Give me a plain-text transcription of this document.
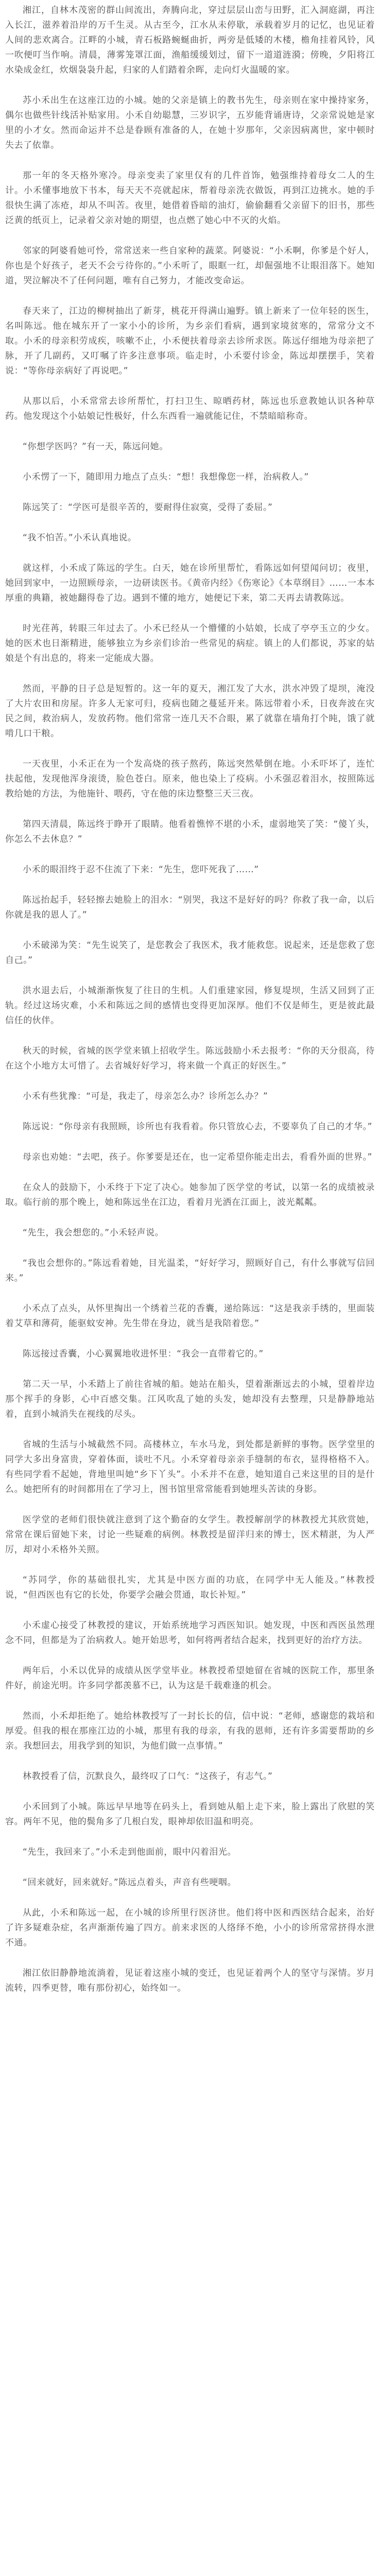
湘江，自林木茂密的群山间流出，奔腾向北，穿过层层山峦与田野，汇入洞庭湖，再注入长江，滋养着沿岸的万千生灵。从古至今，江水从未停歇，承载着岁月的记忆，也见证着人间的悲欢离合。江畔的小城，青石板路蜿蜒曲折，两旁是低矮的木楼，檐角挂着风铃，风一吹便叮当作响。清晨，薄雾笼罩江面，渔船缓缓划过，留下一道道涟漪；傍晚，夕阳将江水染成金红，炊烟袅袅升起，归家的人们踏着余晖，走向灯火温暖的家。

苏小禾出生在这座江边的小城。她的父亲是镇上的教书先生，母亲则在家中操持家务，偶尔也做些针线活补贴家用。小禾自幼聪慧，三岁识字，五岁能背诵唐诗，父亲常说她是家里的小才女。然而命运并不总是眷顾有准备的人，在她十岁那年，父亲因病离世，家中顿时失去了依靠。

那一年的冬天格外寒冷。母亲变卖了家里仅有的几件首饰，勉强维持着母女二人的生计。小禾懂事地放下书本，每天天不亮就起床，帮着母亲洗衣做饭，再到江边挑水。她的手很快生满了冻疮，却从不叫苦。夜里，她借着昏暗的油灯，偷偷翻看父亲留下的旧书，那些泛黄的纸页上，记录着父亲对她的期望，也点燃了她心中不灭的火焰。

邻家的阿婆看她可怜，常常送来一些自家种的蔬菜。阿婆说：“小禾啊，你爹是个好人，你也是个好孩子，老天不会亏待你的。”小禾听了，眼眶一红，却倔强地不让眼泪落下。她知道，哭泣解决不了任何问题，唯有自己努力，才能改变命运。

春天来了，江边的柳树抽出了新芽，桃花开得满山遍野。镇上新来了一位年轻的医生，名叫陈远。他在城东开了一家小小的诊所，为乡亲们看病，遇到家境贫寒的，常常分文不取。小禾的母亲积劳成疾，咳嗽不止，小禾便扶着母亲去诊所求医。陈远仔细地为母亲把了脉，开了几副药，又叮嘱了许多注意事项。临走时，小禾要付诊金，陈远却摆摆手，笑着说：“等你母亲病好了再说吧。”

从那以后，小禾常常去诊所帮忙，打扫卫生、晾晒药材，陈远也乐意教她认识各种草药。他发现这个小姑娘记性极好，什么东西看一遍就能记住，不禁暗暗称奇。

“你想学医吗？”有一天，陈远问她。

小禾愣了一下，随即用力地点了点头：“想！我想像您一样，治病救人。”

陈远笑了：“学医可是很辛苦的，要耐得住寂寞，受得了委屈。”

“我不怕苦。”小禾认真地说。

就这样，小禾成了陈远的学生。白天，她在诊所里帮忙，看陈远如何望闻问切；夜里，她回到家中，一边照顾母亲，一边研读医书。《黄帝内经》《伤寒论》《本草纲目》……一本本厚重的典籍，被她翻得卷了边。遇到不懂的地方，她便记下来，第二天再去请教陈远。

时光荏苒，转眼三年过去了。小禾已经从一个懵懂的小姑娘，长成了亭亭玉立的少女。她的医术也日渐精进，能够独立为乡亲们诊治一些常见的病症。镇上的人们都说，苏家的姑娘是个有出息的，将来一定能成大器。

然而，平静的日子总是短暂的。这一年的夏天，湘江发了大水，洪水冲毁了堤坝，淹没了大片农田和房屋。许多人无家可归，疫病也随之蔓延开来。陈远带着小禾，日夜奔波在灾民之间，救治病人，发放药物。他们常常一连几天不合眼，累了就靠在墙角打个盹，饿了就啃几口干粮。

一天夜里，小禾正在为一个发高烧的孩子熬药，陈远突然晕倒在地。小禾吓坏了，连忙扶起他，发现他浑身滚烫，脸色苍白。原来，他也染上了疫病。小禾强忍着泪水，按照陈远教给她的方法，为他施针、喂药，守在他的床边整整三天三夜。

第四天清晨，陈远终于睁开了眼睛。他看着憔悴不堪的小禾，虚弱地笑了笑：“傻丫头，你怎么不去休息？”

小禾的眼泪终于忍不住流了下来：“先生，您吓死我了……”

陈远抬起手，轻轻擦去她脸上的泪水：“别哭，我这不是好好的吗？你救了我一命，以后你就是我的恩人了。”

小禾破涕为笑：“先生说笑了，是您教会了我医术，我才能救您。说起来，还是您救了您自己。”

洪水退去后，小城渐渐恢复了往日的生机。人们重建家园，修复堤坝，生活又回到了正轨。经过这场灾难，小禾和陈远之间的感情也变得更加深厚。他们不仅是师生，更是彼此最信任的伙伴。

秋天的时候，省城的医学堂来镇上招收学生。陈远鼓励小禾去报考：“你的天分很高，待在这个小地方太可惜了。去省城好好学习，将来做一个真正的好医生。”

小禾有些犹豫：“可是，我走了，母亲怎么办？诊所怎么办？”

陈远说：“你母亲有我照顾，诊所也有我看着。你只管放心去，不要辜负了自己的才华。”

母亲也劝她：“去吧，孩子。你爹要是还在，也一定希望你能走出去，看看外面的世界。”

在众人的鼓励下，小禾终于下定了决心。她参加了医学堂的考试，以第一名的成绩被录取。临行前的那个晚上，她和陈远坐在江边，看着月光洒在江面上，波光粼粼。

“先生，我会想您的。”小禾轻声说。

“我也会想你的。”陈远看着她，目光温柔，“好好学习，照顾好自己，有什么事就写信回来。”

小禾点了点头，从怀里掏出一个绣着兰花的香囊，递给陈远：“这是我亲手绣的，里面装着艾草和薄荷，能驱蚊安神。先生带在身边，就当是我陪着您。”

陈远接过香囊，小心翼翼地收进怀里：“我会一直带着它的。”

第二天一早，小禾踏上了前往省城的船。她站在船头，望着渐渐远去的小城，望着岸边那个挥手的身影，心中百感交集。江风吹乱了她的头发，她却没有去整理，只是静静地站着，直到小城消失在视线的尽头。

省城的生活与小城截然不同。高楼林立，车水马龙，到处都是新鲜的事物。医学堂里的同学大多出身富贵，穿着体面，谈吐不凡。小禾穿着母亲亲手缝制的布衣，显得格格不入。有些同学看不起她，背地里叫她“乡下丫头”。小禾并不在意，她知道自己来这里的目的是什么。她把所有的时间都用在了学习上，图书馆里常常能看到她埋头苦读的身影。

医学堂的老师们很快就注意到了这个勤奋的女学生。教授解剖学的林教授尤其欣赏她，常常在课后留她下来，讨论一些疑难的病例。林教授是留洋归来的博士，医术精湛，为人严厉，却对小禾格外关照。

“苏同学，你的基础很扎实，尤其是中医方面的功底，在同学中无人能及。”林教授说，“但西医也有它的长处，你要学会融会贯通，取长补短。”

小禾虚心接受了林教授的建议，开始系统地学习西医知识。她发现，中医和西医虽然理念不同，但都是为了治病救人。她开始思考，如何将两者结合起来，找到更好的治疗方法。

两年后，小禾以优异的成绩从医学堂毕业。林教授希望她留在省城的医院工作，那里条件好，前途光明。许多同学都羡慕不已，认为这是千载难逢的机会。

然而，小禾却拒绝了。她给林教授写了一封长长的信，信中说：“老师，感谢您的栽培和厚爱。但我的根在那座江边的小城，那里有我的母亲，有我的恩师，还有许多需要帮助的乡亲。我想回去，用我学到的知识，为他们做一点事情。”

林教授看了信，沉默良久，最终叹了口气：“这孩子，有志气。”

小禾回到了小城。陈远早早地等在码头上，看到她从船上走下来，脸上露出了欣慰的笑容。两年不见，他的鬓角多了几根白发，眼神却依旧温和明亮。

“先生，我回来了。”小禾走到他面前，眼中闪着泪光。

“回来就好，回来就好。”陈远点着头，声音有些哽咽。

从此，小禾和陈远一起，在小城的诊所里行医济世。他们将中医和西医结合起来，治好了许多疑难杂症，名声渐渐传遍了四方。前来求医的人络绎不绝，小小的诊所常常挤得水泄不通。

湘江依旧静静地流淌着，见证着这座小城的变迁，也见证着两个人的坚守与深情。岁月流转，四季更替，唯有那份初心，始终如一。
